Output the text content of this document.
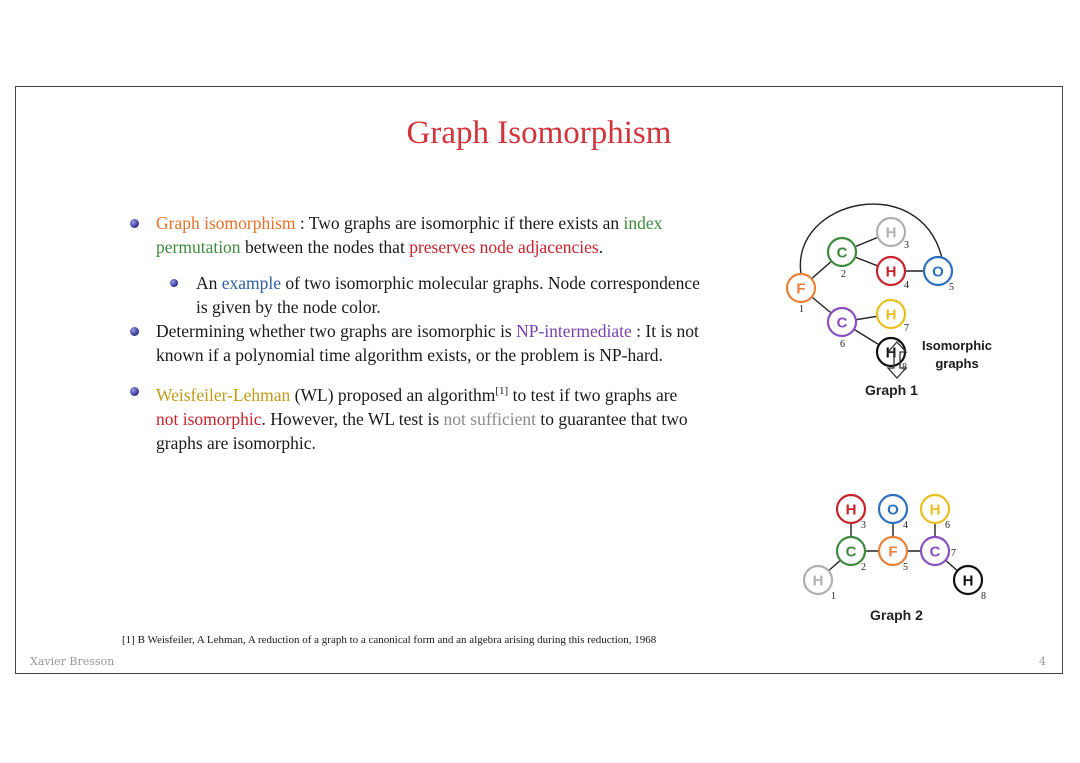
Graph Isomorphism
Graph isomorphism : Two graphs are isomorphic if there exists an index permutation between the nodes that preserves node adjacencies.
An example of two isomorphic molecular graphs. Node correspondence is given by the node color.
Determining whether two graphs are isomorphic is NP-intermediate : It is not known if a polynomial time algorithm exists, or the problem is NP-hard.
Weisfeiler-Lehman (WL) proposed an algorithm[1] to test if two graphs are not isomorphic. However, the WL test is not sufficient to guarantee that two graphs are isomorphic.
[1] B Weisfeiler, A Lehman, A reduction of a graph to a canonical form and an algebra arising during this reduction, 1968
Xavier Bresson	4
F
1
C
2
H
3
H
4
O
5
C
6
H
7
H
8
H
1
C
2
H
3
O
4
F
5
H
6
C 7
H
8
Graph 1
Graph 2
Isomorphic
graphs
